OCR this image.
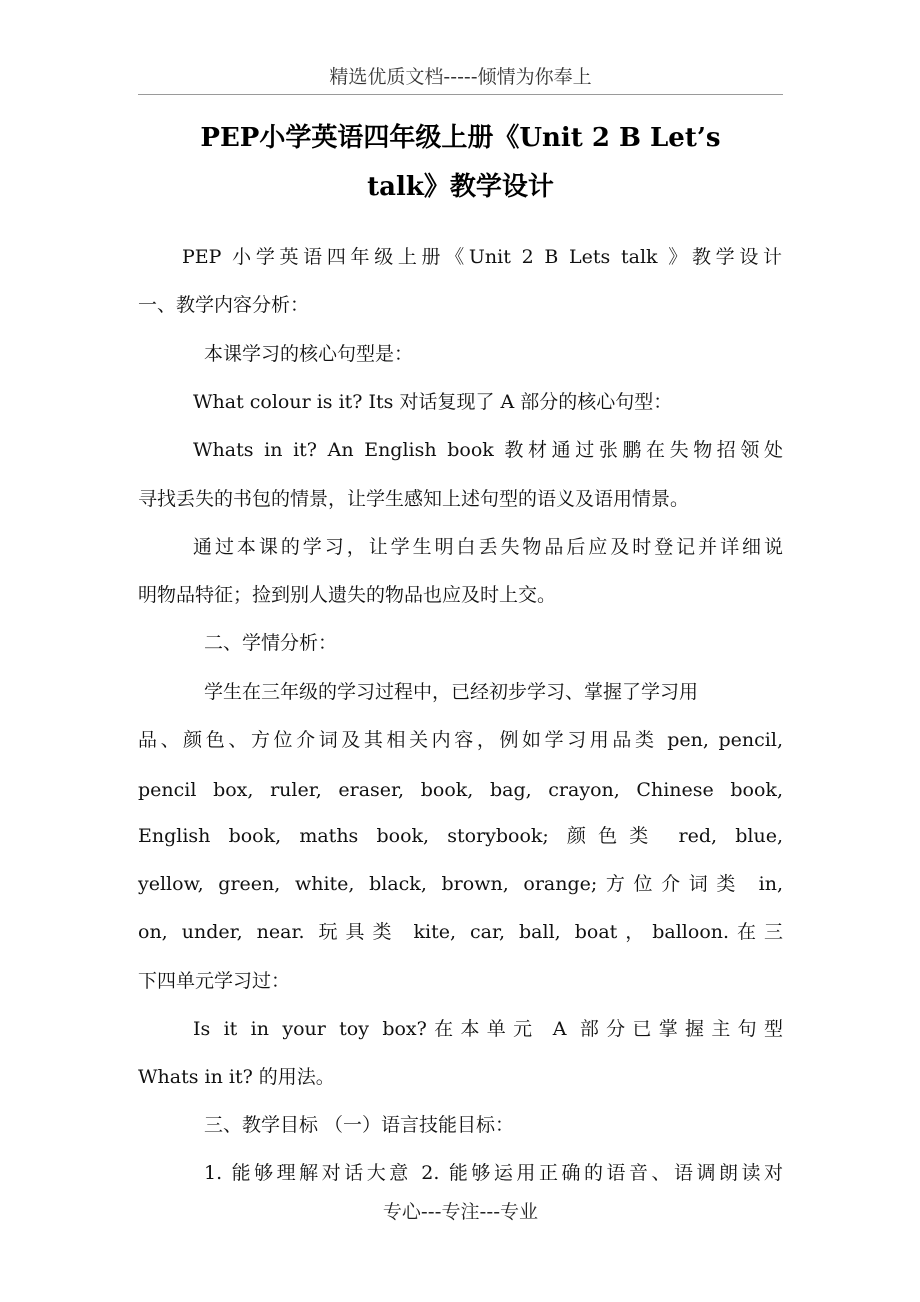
精选优质文档-----倾情为你奉上
PEP小学英语四年级上册《Unit 2 B Let’s
talk》教学设计
PEP 小学英语四年级上册《Unit 2 B Lets talk 》教学设计
一、教学内容分析：
本课学习的核心句型是：
What colour is it? Its 对话复现了 A 部分的核心句型：
Whats in it? An English book 教材通过张鹏在失物招领处
寻找丢失的书包的情景，让学生感知上述句型的语义及语用情景。
通过本课的学习，让学生明白丢失物品后应及时登记并详细说
明物品特征；捡到别人遗失的物品也应及时上交。
二、学情分析：
学生在三年级的学习过程中，已经初步学习、掌握了学习用
品、颜色、方位介词及其相关内容，例如学习用品类 pen, pencil,
pencil box, ruler, eraser, book, bag, crayon, Chinese book,
English book, maths book, storybook; 颜色类 red, blue,
yellow, green, white, black, brown, orange;方位介词类 in,
on, under, near. 玩具类 kite, car, ball, boat，balloon.在三
下四单元学习过：
Is it in your toy box?在本单元 A 部分已掌握主句型
Whats in it? 的用法。
三、教学目标 （一）语言技能目标：
1. 能够理解对话大意 2. 能够运用正确的语音、语调朗读对
专心---专注---专业
